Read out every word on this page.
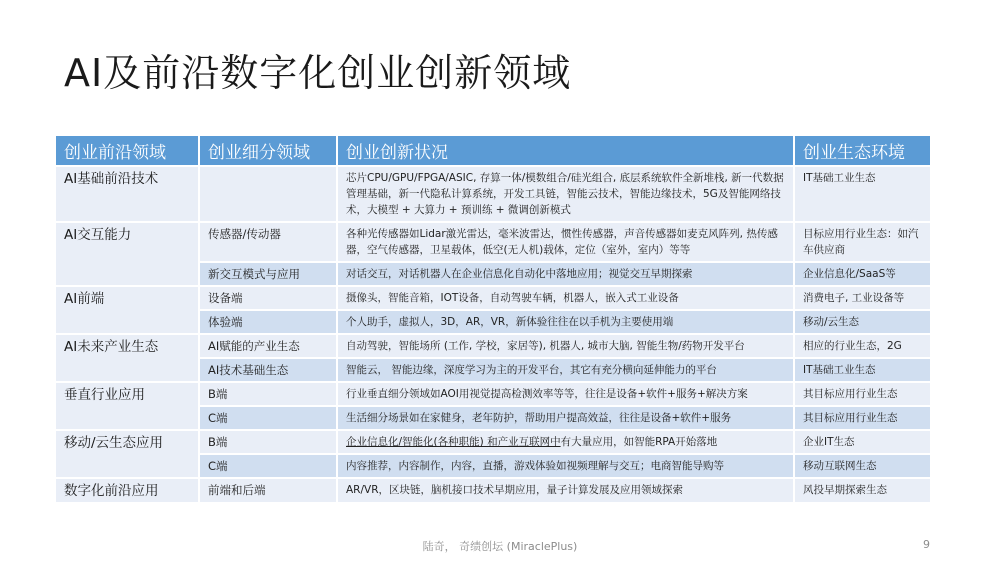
AI及前沿数字化创业创新领域
创业前沿领域	创业细分领域	创业创新状况	创业生态环境
AI基础前沿技术		芯片CPU/GPU/FPGA/ASIC, 存算一体/模数组合/硅光组合, 底层系统软件全新堆栈, 新一代数据管理基础，新一代隐私计算系统，开发工具链，智能云技术，智能边缘技术，5G及智能网络技术，大模型 + 大算力 + 预训练 + 微调创新模式	IT基础工业生态
AI交互能力	传感器/传动器	各种光传感器如Lidar激光雷达，毫米波雷达，惯性传感器，声音传感器如麦克风阵列, 热传感器，空气传感器，卫星载体，低空(无人机)载体，定位（室外，室内）等等	目标应用行业生态：如汽车供应商
	新交互模式与应用	对话交互，对话机器人在企业信息化自动化中落地应用；视觉交互早期探索	企业信息化/SaaS等
AI前端	设备端	摄像头，智能音箱，IOT设备，自动驾驶车辆，机器人，嵌入式工业设备	消费电子, 工业设备等
	体验端	个人助手，虚拟人，3D，AR，VR，新体验往往在以手机为主要使用端	移动/云生态
AI未来产业生态	AI赋能的产业生态	自动驾驶，智能场所 (工作, 学校，家居等), 机器人, 城市大脑, 智能生物/药物开发平台	相应的行业生态，2G
	AI技术基础生态	智能云， 智能边缘，深度学习为主的开发平台，其它有充分横向延伸能力的平台	IT基础工业生态
垂直行业应用	B端	行业垂直细分领域如AOI用视觉提高检测效率等等，往往是设备+软件+服务+解决方案	其目标应用行业生态
	C端	生活细分场景如在家健身，老年防护，帮助用户提高效益，往往是设备+软件+服务	其目标应用行业生态
移动/云生态应用	B端	企业信息化/智能化(各种职能) 和产业互联网中有大量应用，如智能RPA开始落地	企业IT生态
	C端	内容推荐，内容制作，内容，直播，游戏体验如视频理解与交互；电商智能导购等	移动互联网生态
数字化前沿应用	前端和后端	AR/VR，区块链，脑机接口技术早期应用，量子计算发展及应用领域探索	风投早期探索生态
陆奇， 奇绩创坛 (MiraclePlus)	9
